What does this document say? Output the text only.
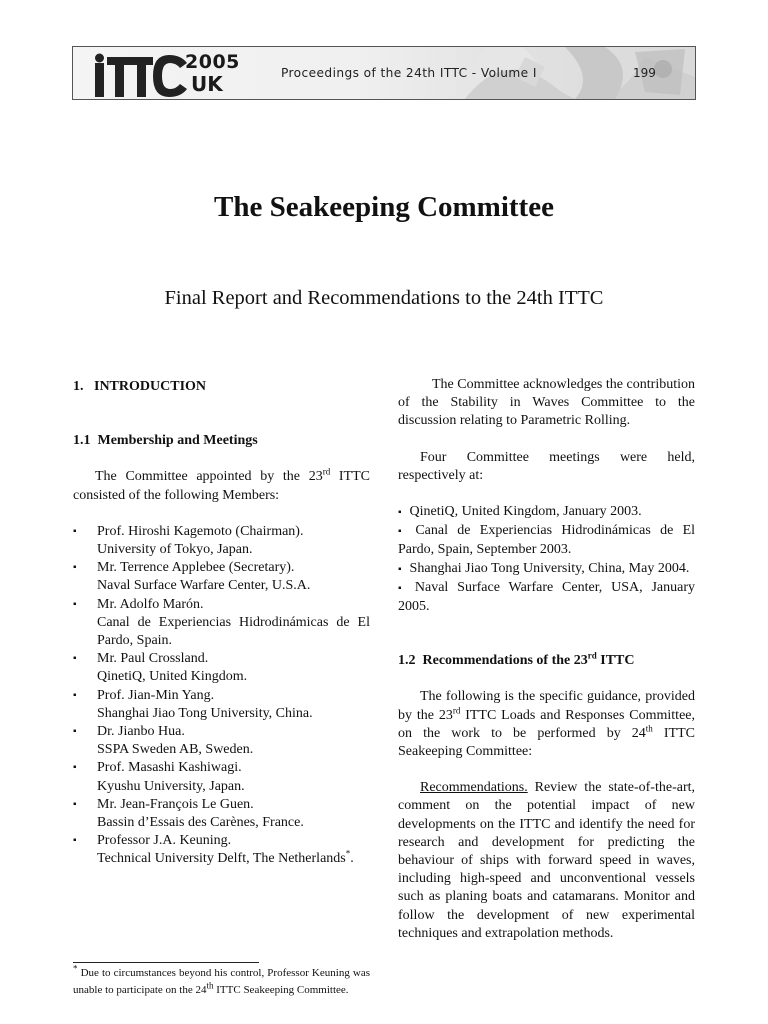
2005
UK	Proceedings of the 24th ITTC - Volume I	199
The Seakeeping Committee
Final Report and Recommendations to the 24th ITTC

1.   INTRODUCTION

1.1  Membership and Meetings

The Committee appointed by the 23rd ITTC consisted of the following Members:

▪ Prof. Hiroshi Kagemoto (Chairman).
University of Tokyo, Japan.
▪ Mr. Terrence Applebee (Secretary).
Naval Surface Warfare Center, U.S.A.
▪ Mr. Adolfo Marón.
Canal de Experiencias Hidrodinámicas de El Pardo, Spain.
▪ Mr. Paul Crossland.
QinetiQ, United Kingdom.
▪ Prof. Jian-Min Yang.
Shanghai Jiao Tong University, China.
▪ Dr. Jianbo Hua.
SSPA Sweden AB, Sweden.
▪ Prof. Masashi Kashiwagi.
Kyushu University, Japan.
▪ Mr. Jean-François Le Guen.
Bassin d’Essais des Carènes, France.
▪ Professor J.A. Keuning.
Technical University Delft, The Netherlands*.

* Due to circumstances beyond his control, Professor Keuning was unable to participate on the 24th ITTC Seakeeping Committee.

The Committee acknowledges the contribution of the Stability in Waves Committee to the discussion relating to Parametric Rolling.

Four Committee meetings were held, respectively at:

▪ QinetiQ, United Kingdom, January 2003.

▪ Canal de Experiencias Hidrodinámicas de El Pardo, Spain, September 2003.

▪ Shanghai Jiao Tong University, China, May 2004.

▪ Naval Surface Warfare Center, USA, January 2005.

1.2  Recommendations of the 23rd ITTC

The following is the specific guidance, provided by the 23rd ITTC Loads and Responses Committee, on the work to be performed by 24th ITTC Seakeeping Committee:

Recommendations. Review the state-of-the-art, comment on the potential impact of new developments on the ITTC and identify the need for research and development for predicting the behaviour of ships with forward speed in waves, including high-speed and unconventional vessels such as planing boats and catamarans. Monitor and follow the development of new experimental techniques and extrapolation methods.
